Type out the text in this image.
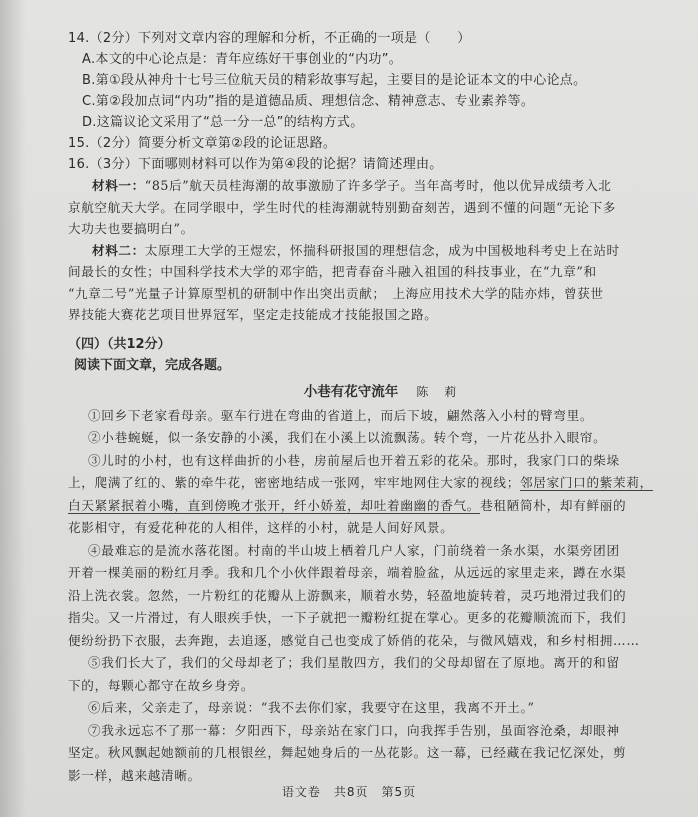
14.（2分）下列对文章内容的理解和分析，不正确的一项是（　　）
A.本文的中心论点是：青年应练好干事创业的“内功”。
B.第①段从神舟十七号三位航天员的精彩故事写起，主要目的是论证本文的中心论点。
C.第②段加点词“内功”指的是道德品质、理想信念、精神意志、专业素养等。
D.这篇议论文采用了“总一分一总”的结构方式。
15.（2分）简要分析文章第②段的论证思路。
16.（3分）下面哪则材料可以作为第④段的论据？请简述理由。
材料一：“85后”航天员桂海潮的故事激励了许多学子。当年高考时，他以优异成绩考入北
京航空航天大学。在同学眼中，学生时代的桂海潮就特别勤奋刻苦，遇到不懂的问题“无论下多
大功夫也要搞明白”。
材料二：太原理工大学的王煜宏，怀揣科研报国的理想信念，成为中国极地科考史上在站时
间最长的女性；中国科学技术大学的邓宇皓，把青春奋斗融入祖国的科技事业，在“九章”和
“九章二号”光量子计算原型机的研制中作出突出贡献；　上海应用技术大学的陆亦炜，曾获世
界技能大赛花艺项目世界冠军，坚定走技能成才技能报国之路。
（四）（共12分）
阅读下面文章，完成各题。
小巷有花守流年 陈 莉
①回乡下老家看母亲。驱车行进在弯曲的省道上，而后下坡，翩然落入小村的臂弯里。
②小巷蜿蜒，似一条安静的小溪，我们在小溪上以流飘荡。转个弯，一片花丛扑入眼帘。
③儿时的小村，也有这样曲折的小巷，房前屋后也开着五彩的花朵。那时，我家门口的柴垛
上，爬满了红的、紫的牵牛花，密密地结成一张网，牢牢地网住大家的视线；邻居家门口的紫茉莉，
白天紧紧抿着小嘴，直到傍晚才张开，纤小娇羞，却吐着幽幽的香气。巷租陋简朴，却有鲜丽的
花影相守，有爱花种花的人相伴，这样的小村，就是人间好风景。
④最难忘的是流水落花图。村南的半山坡上栖着几户人家，门前绕着一条水渠，水渠旁团团
开着一棵美丽的粉红月季。我和几个小伙伴跟着母亲，端着脸盆，从远远的家里走来，蹲在水渠
沿上洗衣裳。忽然，一片粉红的花瓣从上游飘来，顺着水势，轻盈地旋转着，灵巧地滑过我们的
指尖。又一片滑过，有人眼疾手快，一下子就把一瓣粉红捉在掌心。更多的花瓣顺流而下，我们
便纷纷扔下衣服，去奔跑，去追逐，感觉自己也变成了娇俏的花朵，与微风嬉戏，和乡村相拥……
⑤我们长大了，我们的父母却老了；我们星散四方，我们的父母却留在了原地。离开的和留
下的，每颗心都守在故乡身旁。
⑥后来，父亲走了，母亲说：“我不去你们家，我要守在这里，我离不开土。”
⑦我永远忘不了那一幕：夕阳西下，母亲站在家门口，向我挥手告别，虽面容沧桑，却眼神
坚定。秋风飘起她额前的几根银丝，舞起她身后的一丛花影。这一幕，已经藏在我记忆深处，剪
影一样，越来越清晰。
语文卷　共8页　第5页
